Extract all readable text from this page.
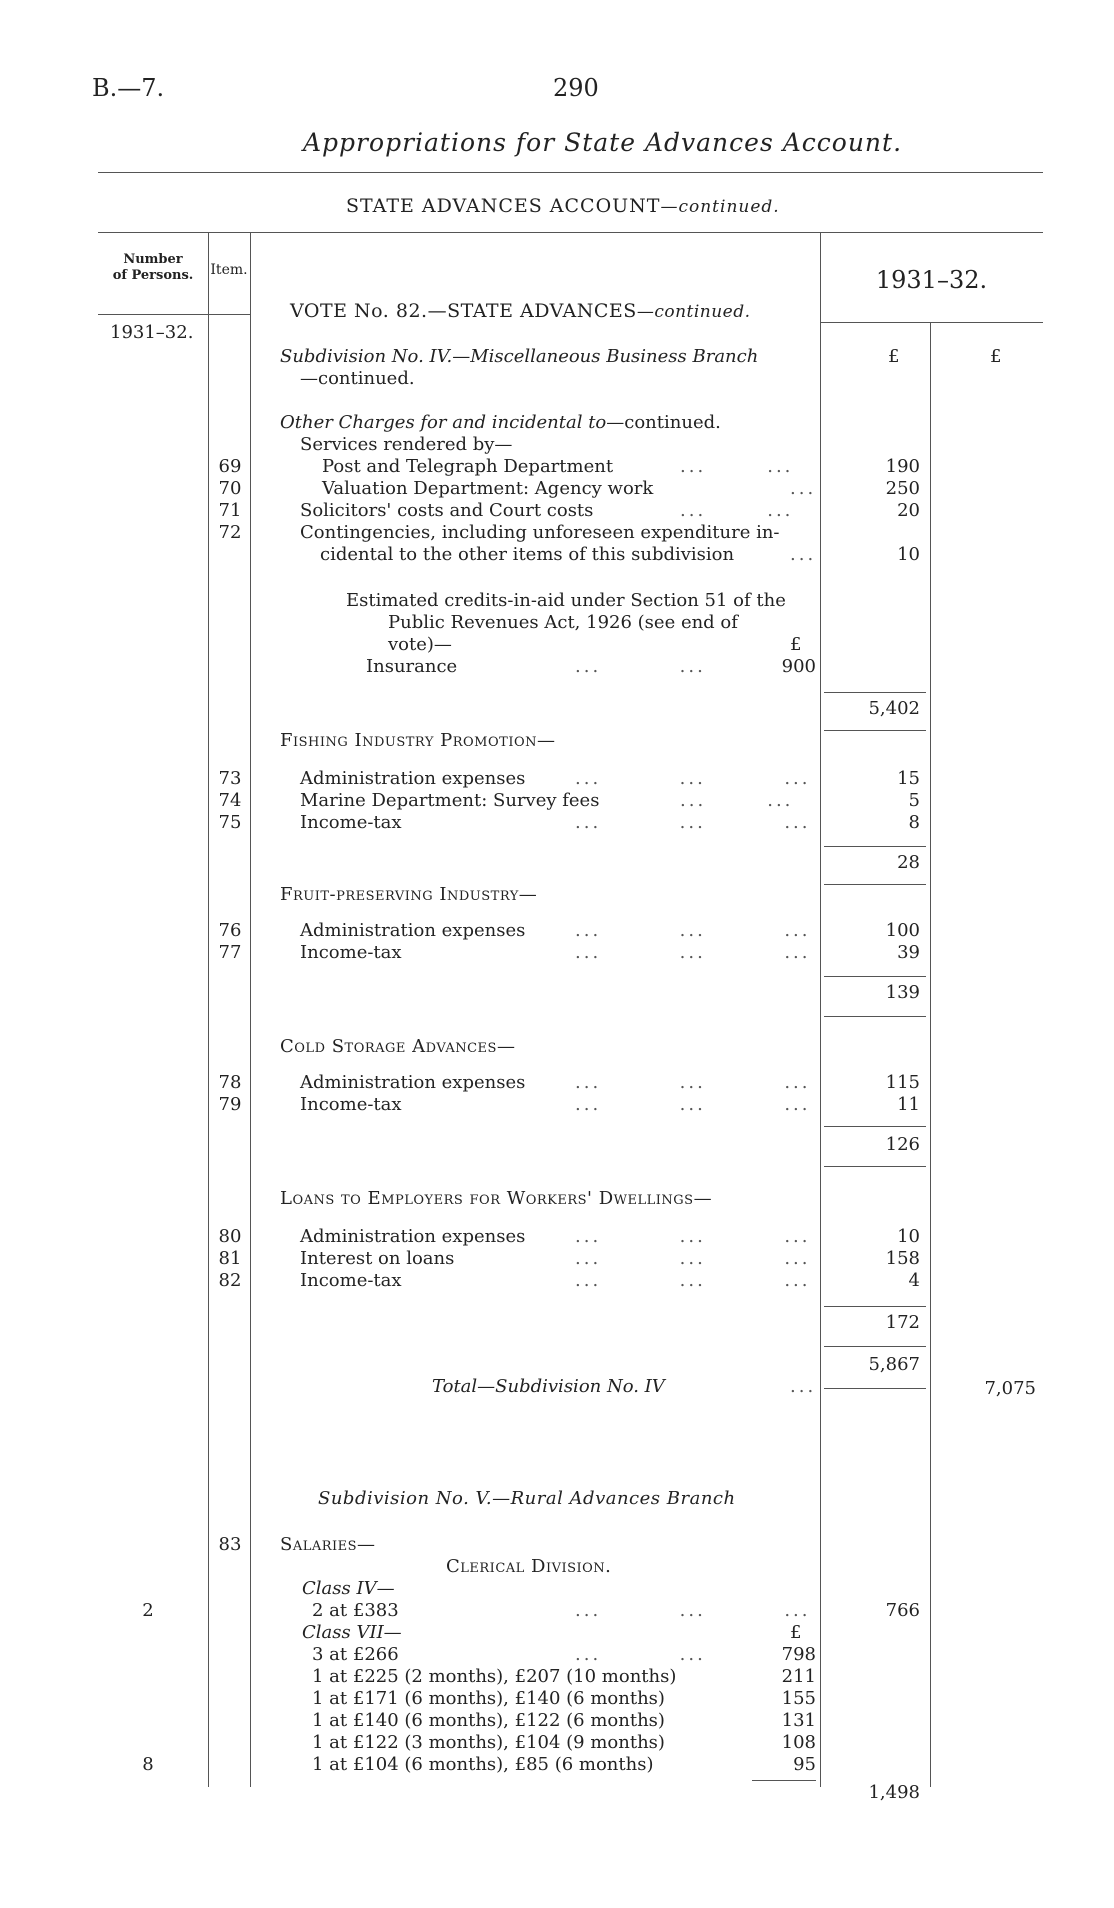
B.—7.	290
Appropriations for State Advances Account.
STATE ADVANCES ACCOUNT—continued.
Number
of Persons.	Item.	1931–32.
1931–32.
VOTE No. 82.—STATE ADVANCES—continued.
Subdivision No. IV.—Miscellaneous Business Branch
—continued.
£	£
Other Charges for and incidental to—continued.
Services rendered by—
69	Post and Telegraph Department	...       ...	190
70	Valuation Department: Agency work	...	250
71	Solicitors' costs and Court costs	...       ...	20
72	Contingencies, including unforeseen expenditure in-
cidental to the other items of this subdivision	...	10
Estimated credits-in-aid under Section 51 of the
Public Revenues Act, 1926 (see end of
vote)—	£
Insurance	...         ...	900
5,402
Fishing Industry Promotion—
73	Administration expenses	...         ...         ...	15
74	Marine Department: Survey fees	...       ...	5
75	Income-tax	...         ...         ...	8
28
Fruit-preserving Industry—
76	Administration expenses	...         ...         ...	100
77	Income-tax	...         ...         ...	39
139
Cold Storage Advances—
78	Administration expenses	...         ...         ...	115
79	Income-tax	...         ...         ...	11
126
Loans to Employers for Workers' Dwellings—
80	Administration expenses	...         ...         ...	10
81	Interest on loans	...         ...         ...	158
82	Income-tax	...         ...         ...	4
172
5,867
Total—Subdivision No. IV	...	7,075
Subdivision No. V.—Rural Advances Branch
83 Salaries—
Clerical Division.
Class IV—
2	2 at £383	...         ...         ...	766
Class VII—	£
3 at £266	...         ...	798
1 at £225 (2 months), £207 (10 months)	211
1 at £171 (6 months), £140 (6 months)	155
1 at £140 (6 months), £122 (6 months)	131
1 at £122 (3 months), £104 (9 months)	108
8	1 at £104 (6 months), £85 (6 months)	95
1,498
